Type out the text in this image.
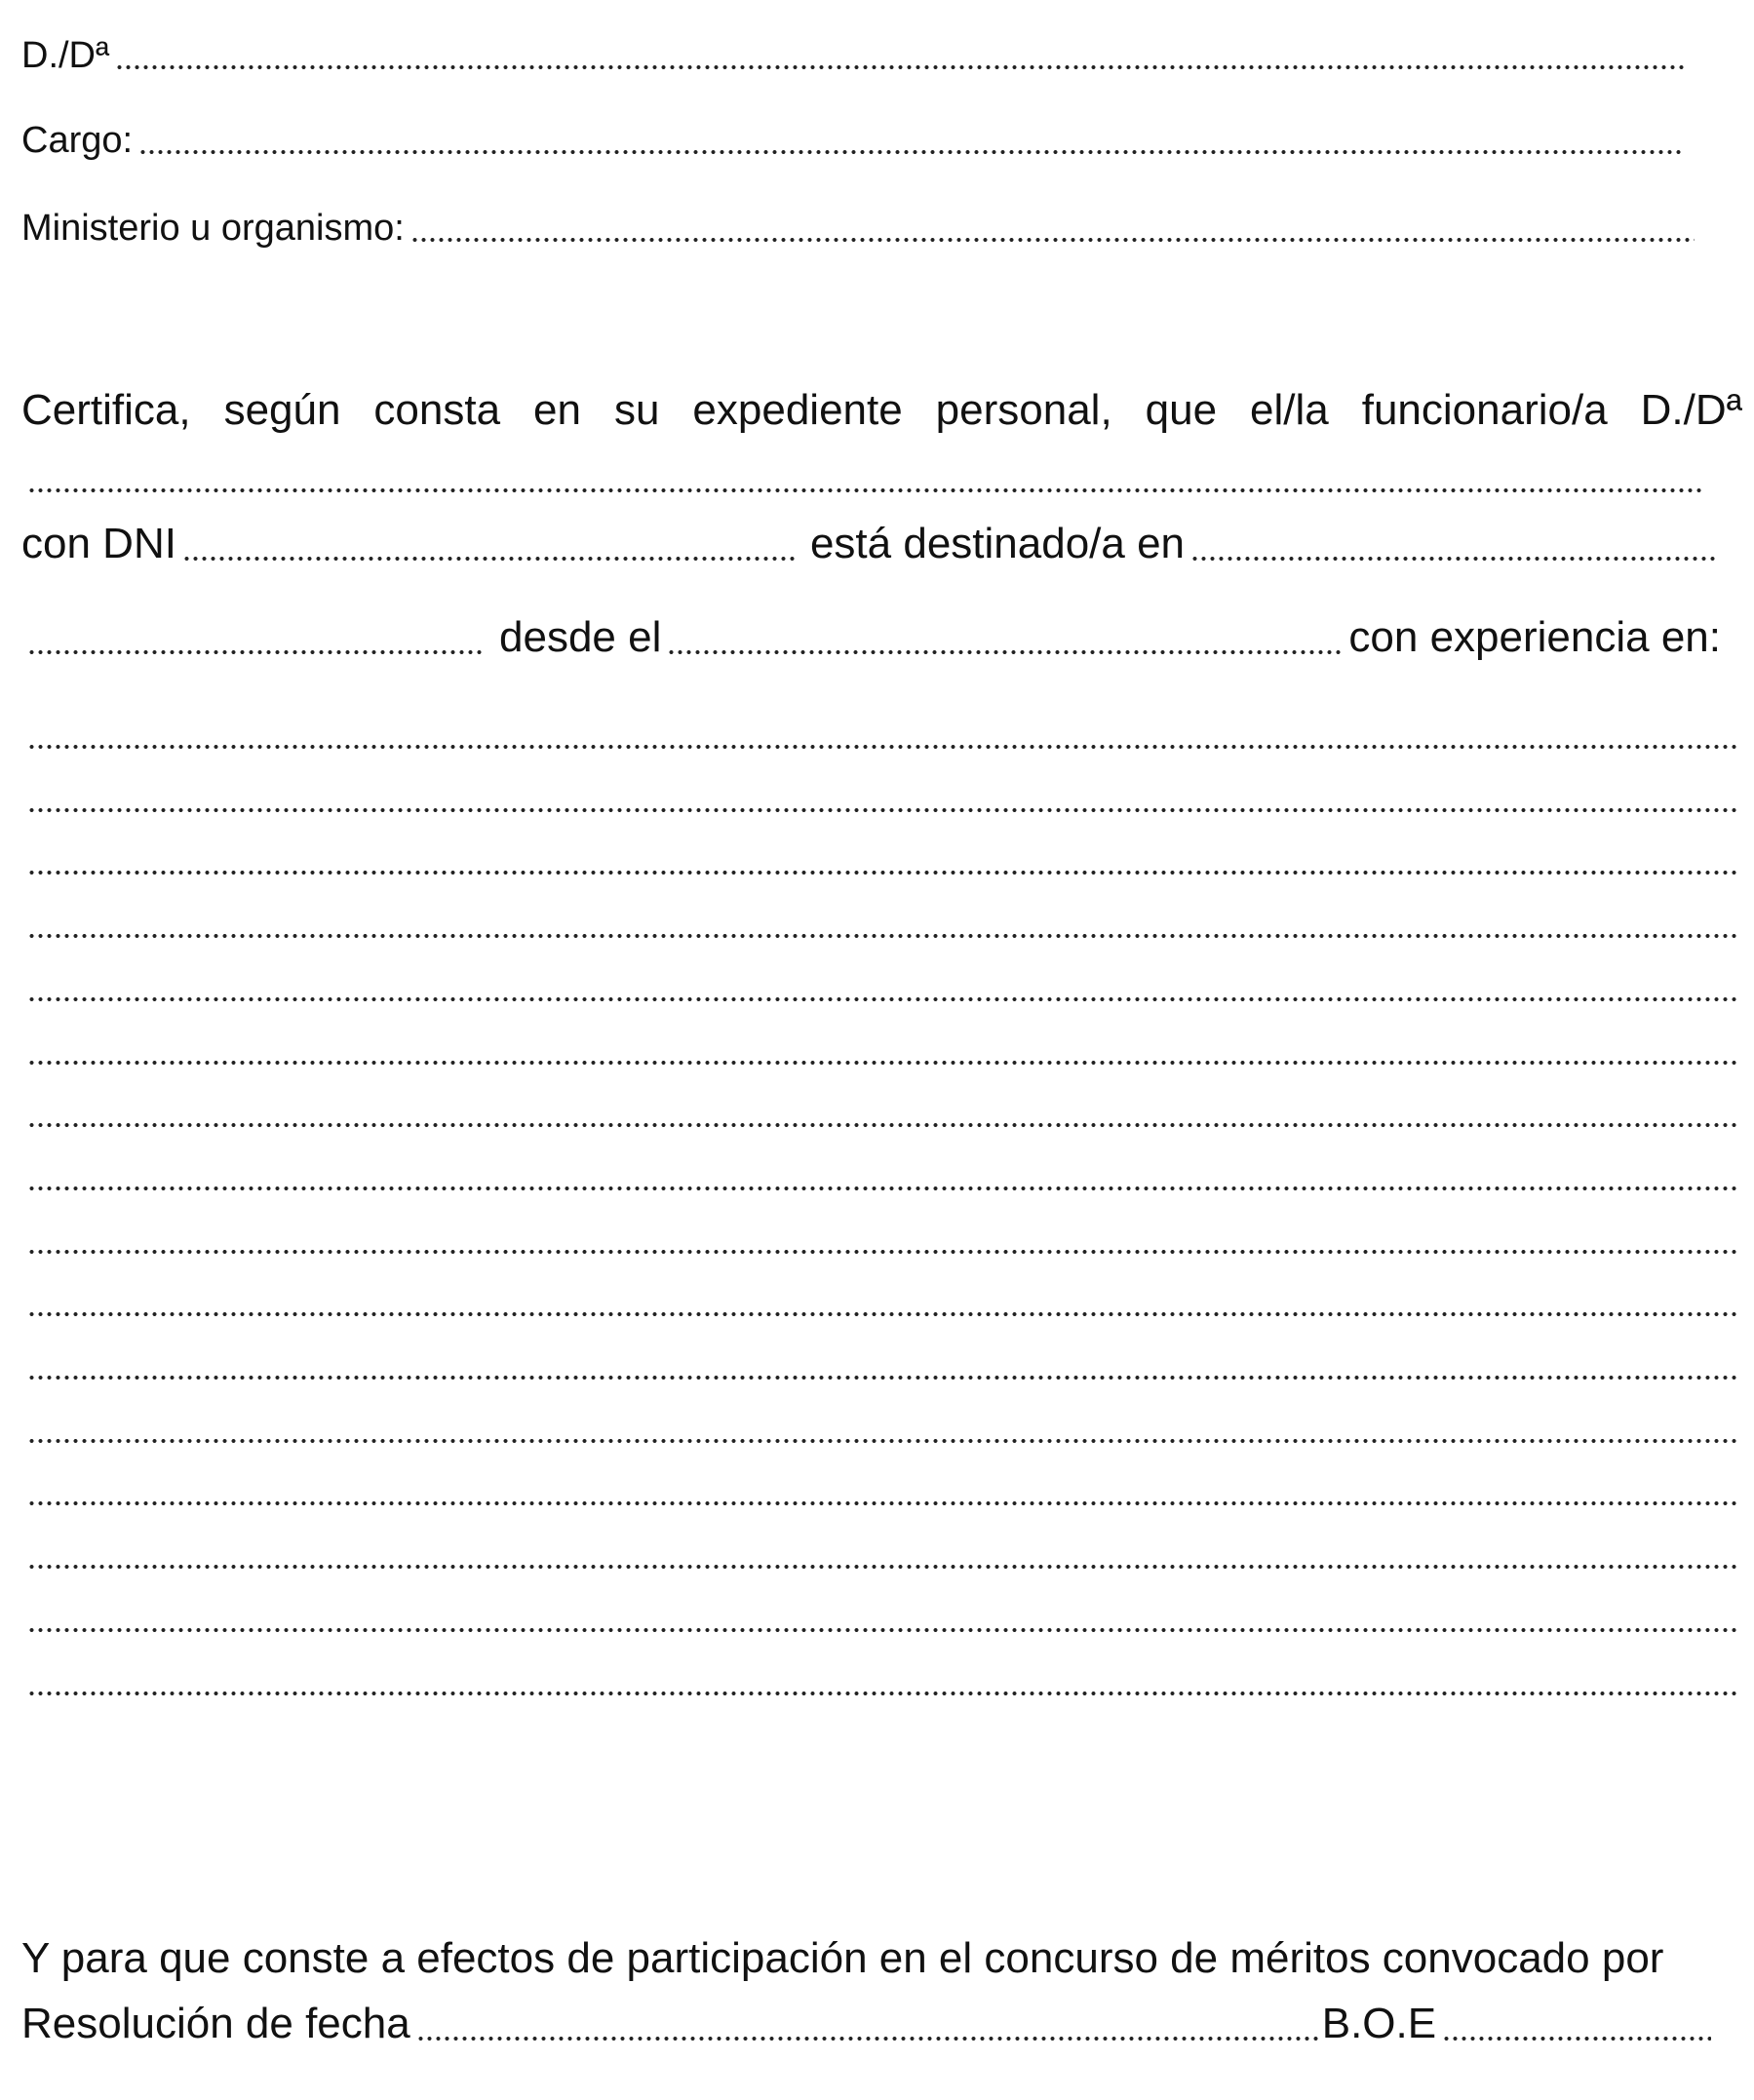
D./Dª
Cargo:
Ministerio u organismo:
Certifica, según consta en su expediente personal, que el/la funcionario/a D./Dª
con DNI	está destinado/a en
desde el	con experiencia en:
Y para que conste a efectos de participación en el concurso de méritos convocado por
Resolución de fecha	B.O.E
